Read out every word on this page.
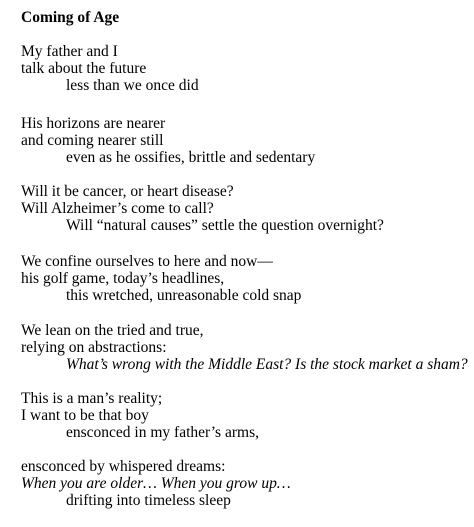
Coming of Age
My father and I
talk about the future
less than we once did
His horizons are nearer
and coming nearer still
even as he ossifies, brittle and sedentary
Will it be cancer, or heart disease?
Will Alzheimer’s come to call?
Will “natural causes” settle the question overnight?
We confine ourselves to here and now—
his golf game, today’s headlines,
this wretched, unreasonable cold snap
We lean on the tried and true,
relying on abstractions:
What’s wrong with the Middle East? Is the stock market a sham?
This is a man’s reality;
I want to be that boy
ensconced in my father’s arms,
ensconced by whispered dreams:
When you are older… When you grow up…
drifting into timeless sleep
